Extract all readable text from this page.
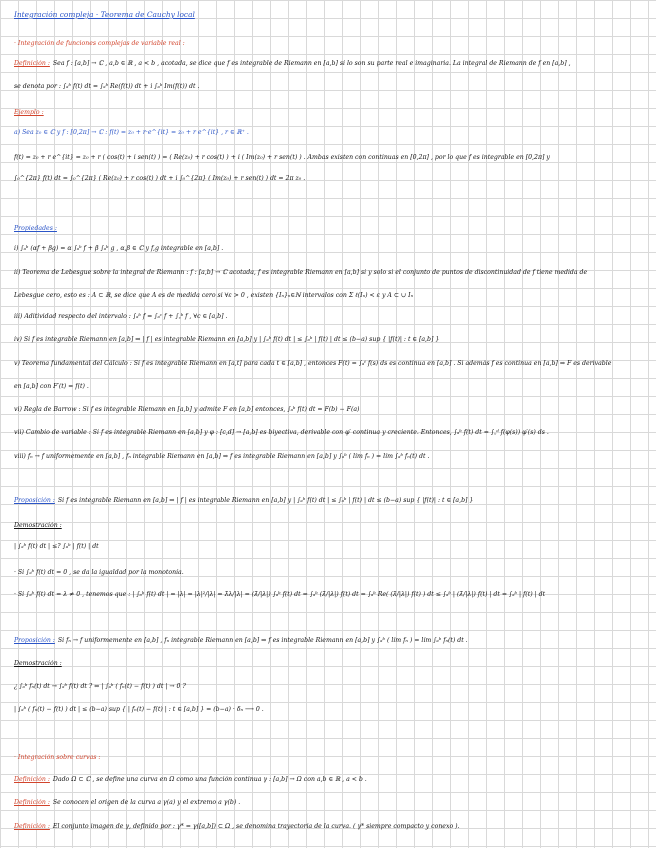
Integración compleja · Teorema de Cauchy local
· Integración de funciones complejas de variable real :
Definición : Sea f : [a,b] → ℂ , a,b ∈ ℝ , a < b , acotada, se dice que f es integrable de Riemann en [a,b] si lo son su parte real e imaginaria. La integral de Riemann de f en [a,b] ,
se denota por : ∫ₐᵇ f(t) dt = ∫ₐᵇ Re(f(t)) dt + i ∫ₐᵇ Im(f(t)) dt .
Ejemplo :
a) Sea z₀ ∈ ℂ y f : [0,2π] → ℂ : f(t) = z₀ + r·e^{it} = z₀ + r e^{it} , r ∈ ℝ⁺ .
f(t) = z₀ + r e^{it} = z₀ + r ( cos(t) + i sen(t) ) = ( Re(z₀) + r cos(t) ) + i ( Im(z₀) + r sen(t) ) . Ambas existen con continuas en [0,2π] , por lo que f es integrable en [0,2π] y
∫₀^{2π} f(t) dt = ∫₀^{2π} ( Re(z₀) + r cos(t) ) dt + i ∫₀^{2π} ( Im(z₀) + r sen(t) ) dt = 2π z₀ .
Propiedades :
i) ∫ₐᵇ (αf + βg) = α ∫ₐᵇ f + β ∫ₐᵇ g , α,β ∈ ℂ y f,g integrable en [a,b] .
ii) Teorema de Lebesgue sobre la integral de Riemann : f : [a,b] → ℂ acotada, f es integrable Riemann en [a,b] si y solo si el conjunto de puntos de discontinuidad de f tiene medida de
Lebesgue cero, esto es : A ⊂ ℝ, se dice que A es de medida cero si ∀ε > 0 , existen {Iₙ}ₙ∈ℕ intervalos con Σ ℓ(Iₙ) < ε y A ⊂ ∪ Iₙ
iii) Aditividad respecto del intervalo : ∫ₐᵇ f = ∫ₐᶜ f + ∫꜀ᵇ f , ∀c ∈ [a,b] .
iv) Si f es integrable Riemann en [a,b] ⇒ | f | es integrable Riemann en [a,b] y | ∫ₐᵇ f(t) dt | ≤ ∫ₐᵇ | f(t) | dt ≤ (b−a) sup { |f(t)| : t ∈ [a,b] }
v) Teorema fundamental del Cálculo : Si f es integrable Riemann en [a,t] para cada t ∈ [a,b] , entonces F(t) = ∫ₐᵗ f(s) ds es continua en [a,b] . Si además f es continua en [a,b] ⇒ F es derivable
en [a,b] con F′(t) = f(t) .
vi) Regla de Barrow : Si f es integrable Riemann en [a,b] y admite F en [a,b] entonces, ∫ₐᵇ f(t) dt = F(b) − F(a)
vii) Cambio de variable : Si f es integrable Riemann en [a,b] y φ : [c,d] → [a,b] es biyectiva, derivable con φ′ continua y creciente. Entonces, ∫ₐᵇ f(t) dt = ∫꜀ᵈ f(φ(s)) φ′(s) ds .
viii) fₙ → f uniformemente en [a,b] , fₙ integrable Riemann en [a,b] ⇒ f es integrable Riemann en [a,b] y ∫ₐᵇ ( lím fₙ ) = lím ∫ₐᵇ fₙ(t) dt .
Proposición : Si f es integrable Riemann en [a,b] ⇒ | f | es integrable Riemann en [a,b] y | ∫ₐᵇ f(t) dt | ≤ ∫ₐᵇ | f(t) | dt ≤ (b−a) sup { |f(t)| : t ∈ [a,b] }
Demostración :
| ∫ₐᵇ f(t) dt | ≤? ∫ₐᵇ | f(t) | dt
· Si ∫ₐᵇ f(t) dt = 0 , se da la igualdad por la monotonía.
· Si ∫ₐᵇ f(t) dt = λ ≠ 0 , tenemos que : | ∫ₐᵇ f(t) dt | = |λ| = |λ|²/|λ| = λ̄λ/|λ| = (λ̄/|λ|) ∫ₐᵇ f(t) dt = ∫ₐᵇ (λ̄/|λ|) f(t) dt = ∫ₐᵇ Re( (λ̄/|λ|) f(t) ) dt ≤ ∫ₐᵇ | (λ̄/|λ|) f(t) | dt = ∫ₐᵇ | f(t) | dt
Proposición : Si fₙ → f uniformemente en [a,b] , fₙ integrable Riemann en [a,b] ⇒ f es integrable Riemann en [a,b] y ∫ₐᵇ ( lím fₙ ) = lím ∫ₐᵇ fₙ(t) dt .
Demostración :
¿ ∫ₐᵇ fₙ(t) dt → ∫ₐᵇ f(t) dt ? ⇔ | ∫ₐᵇ ( fₙ(t) − f(t) ) dt | → 0 ?
| ∫ₐᵇ ( fₙ(t) − f(t) ) dt | ≤ (b−a) sup { | fₙ(t) − f(t) | : t ∈ [a,b] } = (b−a) · δₙ ⟶ 0 .
· Integración sobre curvas :
Definición : Dado Ω ⊂ ℂ , se define una curva en Ω como una función continua γ : [a,b] → Ω con a,b ∈ ℝ , a < b .
Definición : Se conocen el origen de la curva a γ(a) y el extremo a γ(b) .
Definición : El conjunto imagen de γ, definido por : γ* = γ([a,b]) ⊂ Ω , se denomina trayectoria de la curva. ( γ* siempre compacto y conexo ).
